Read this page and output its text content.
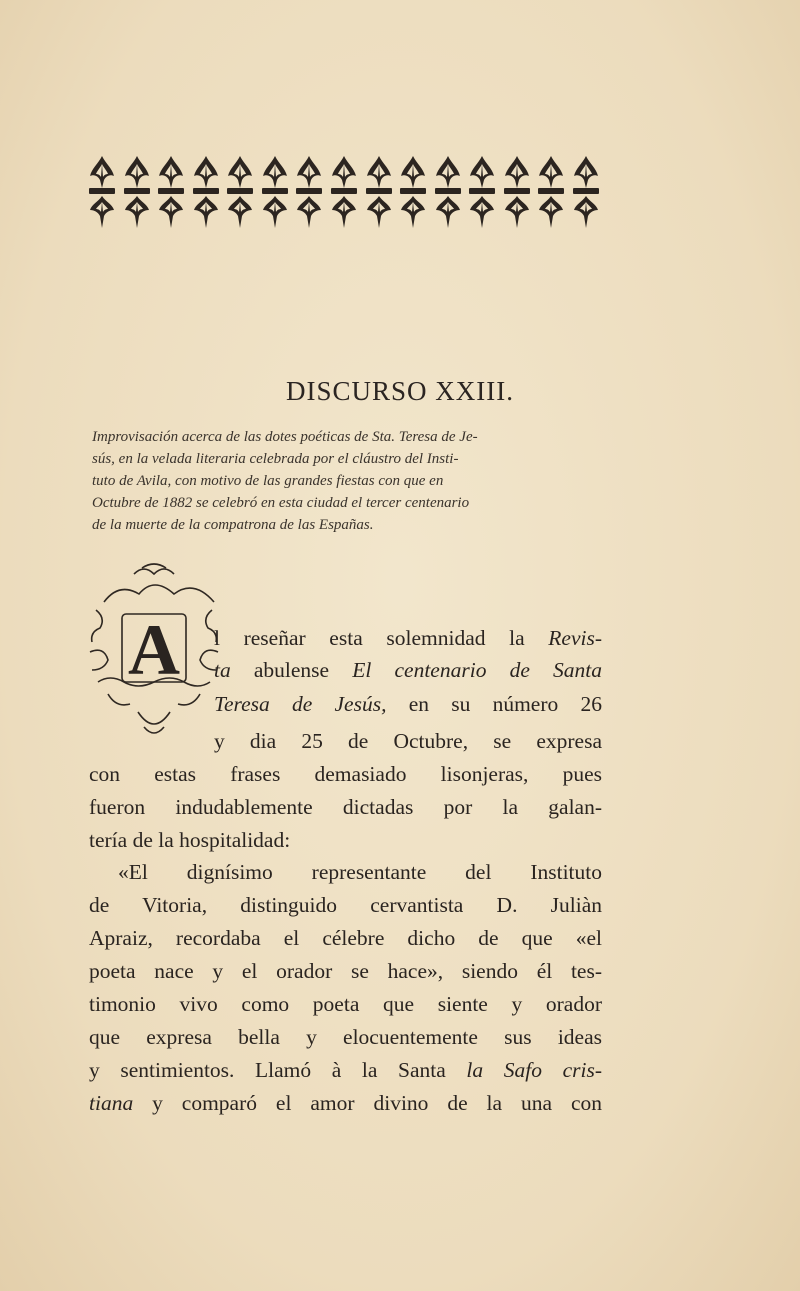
DISCURSO XXIII.
Improvisación acerca de las dotes poéticas de Sta. Teresa de Je-
sús, en la velada literaria celebrada por el cláustro del Insti-
tuto de Avila, con motivo de las grandes fiestas con que en
Octubre de 1882 se celebró en esta ciudad el tercer centenario
de la muerte de la compatrona de las Españas.
A l reseñar esta solemnidad la Revis-
ta abulense El centenario de Santa
Teresa de Jesús, en su número 26
y dia 25 de Octubre, se expresa
con estas frases demasiado lisonjeras, pues
fueron indudablemente dictadas por la galan-
tería de la hospitalidad:
«El dignísimo representante del Instituto
de Vitoria, distinguido cervantista D. Juliàn
Apraiz, recordaba el célebre dicho de que «el
poeta nace y el orador se hace», siendo él tes-
timonio vivo como poeta que siente y orador
que expresa bella y elocuentemente sus ideas
y sentimientos. Llamó à la Santa la Safo cris-
tiana y comparó el amor divino de la una con
